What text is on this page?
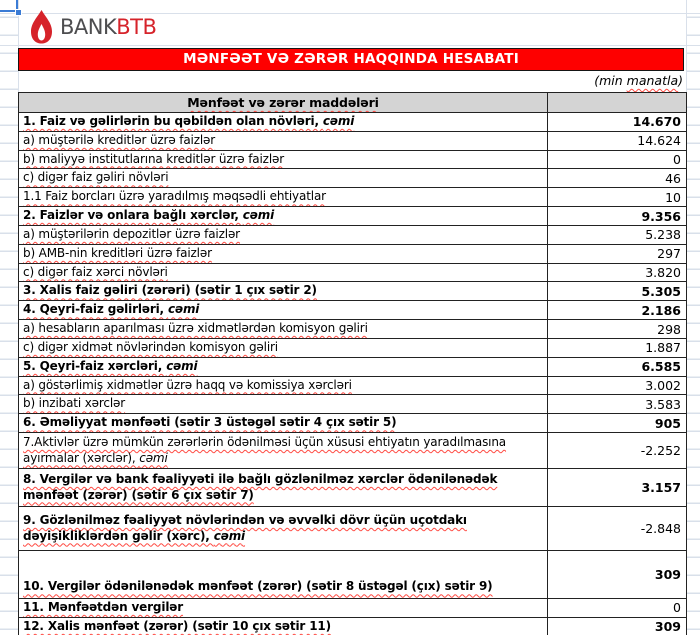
BANKBTB
MƏNFƏƏT VƏ ZƏRƏR HAQQINDA HESABATI
(min manatla)
Mənfəət və zərər maddələri	
1. Faiz və gəlirlərin bu qəbildən olan növləri, cəmi	14.670
a) müştərilə kreditlər üzrə faizlər	14.624
b) maliyyə institutlarına kreditlər üzrə faizlər	0
c) digər faiz gəliri növləri	46
1.1 Faiz borcları üzrə yaradılmış məqsədli ehtiyatlar	10
2. Faizlər və onlara bağlı xərclər, cəmi	9.356
a) müştərilərin depozitlər üzrə faizlər	5.238
b) AMB-nin kreditləri üzrə faizlər	297
c) digər faiz xərci növləri	3.820
3. Xalis faiz gəliri (zərəri) (sətir 1 çıx sətir 2)	5.305
4. Qeyri-faiz gəlirləri, cəmi	2.186
a) hesabların aparılması üzrə xidmətlərdən komisyon gəliri	298
c) digər xidmət növlərindən komisyon gəliri	1.887
5. Qeyri-faiz xərcləri, cəmi	6.585
a) göstərlimiş xidmətlər üzrə haqq və komissiya xərcləri	3.002
b) inzibati xərclər	3.583
6. Əməliyyat mənfəəti (sətir 3 üstəgəl sətir 4 çıx sətir 5)	905
7.Aktivlər üzrə mümkün zərərlərin ödənilməsi üçün xüsusi ehtiyatın yaradılmasına ayırmalar (xərclər), cəmi	-2.252
8. Vergilər və bank fəaliyyəti ilə bağlı gözlənilməz xərclər ödənilənədək mənfəət (zərər) (sətir 6 çıx sətir 7)	3.157
9. Gözlənilməz fəaliyyət növlərindən və əvvəlki dövr üçün uçotdakı dəyişikliklərdən gəlir (xərc), cəmi	-2.848
10. Vergilər ödənilənədək mənfəət (zərər) (sətir 8 üstəgəl (çıx) sətir 9)	309
11. Mənfəətdən vergilər	0
12. Xalis mənfəət (zərər) (sətir 10 çıx sətir 11)	309
